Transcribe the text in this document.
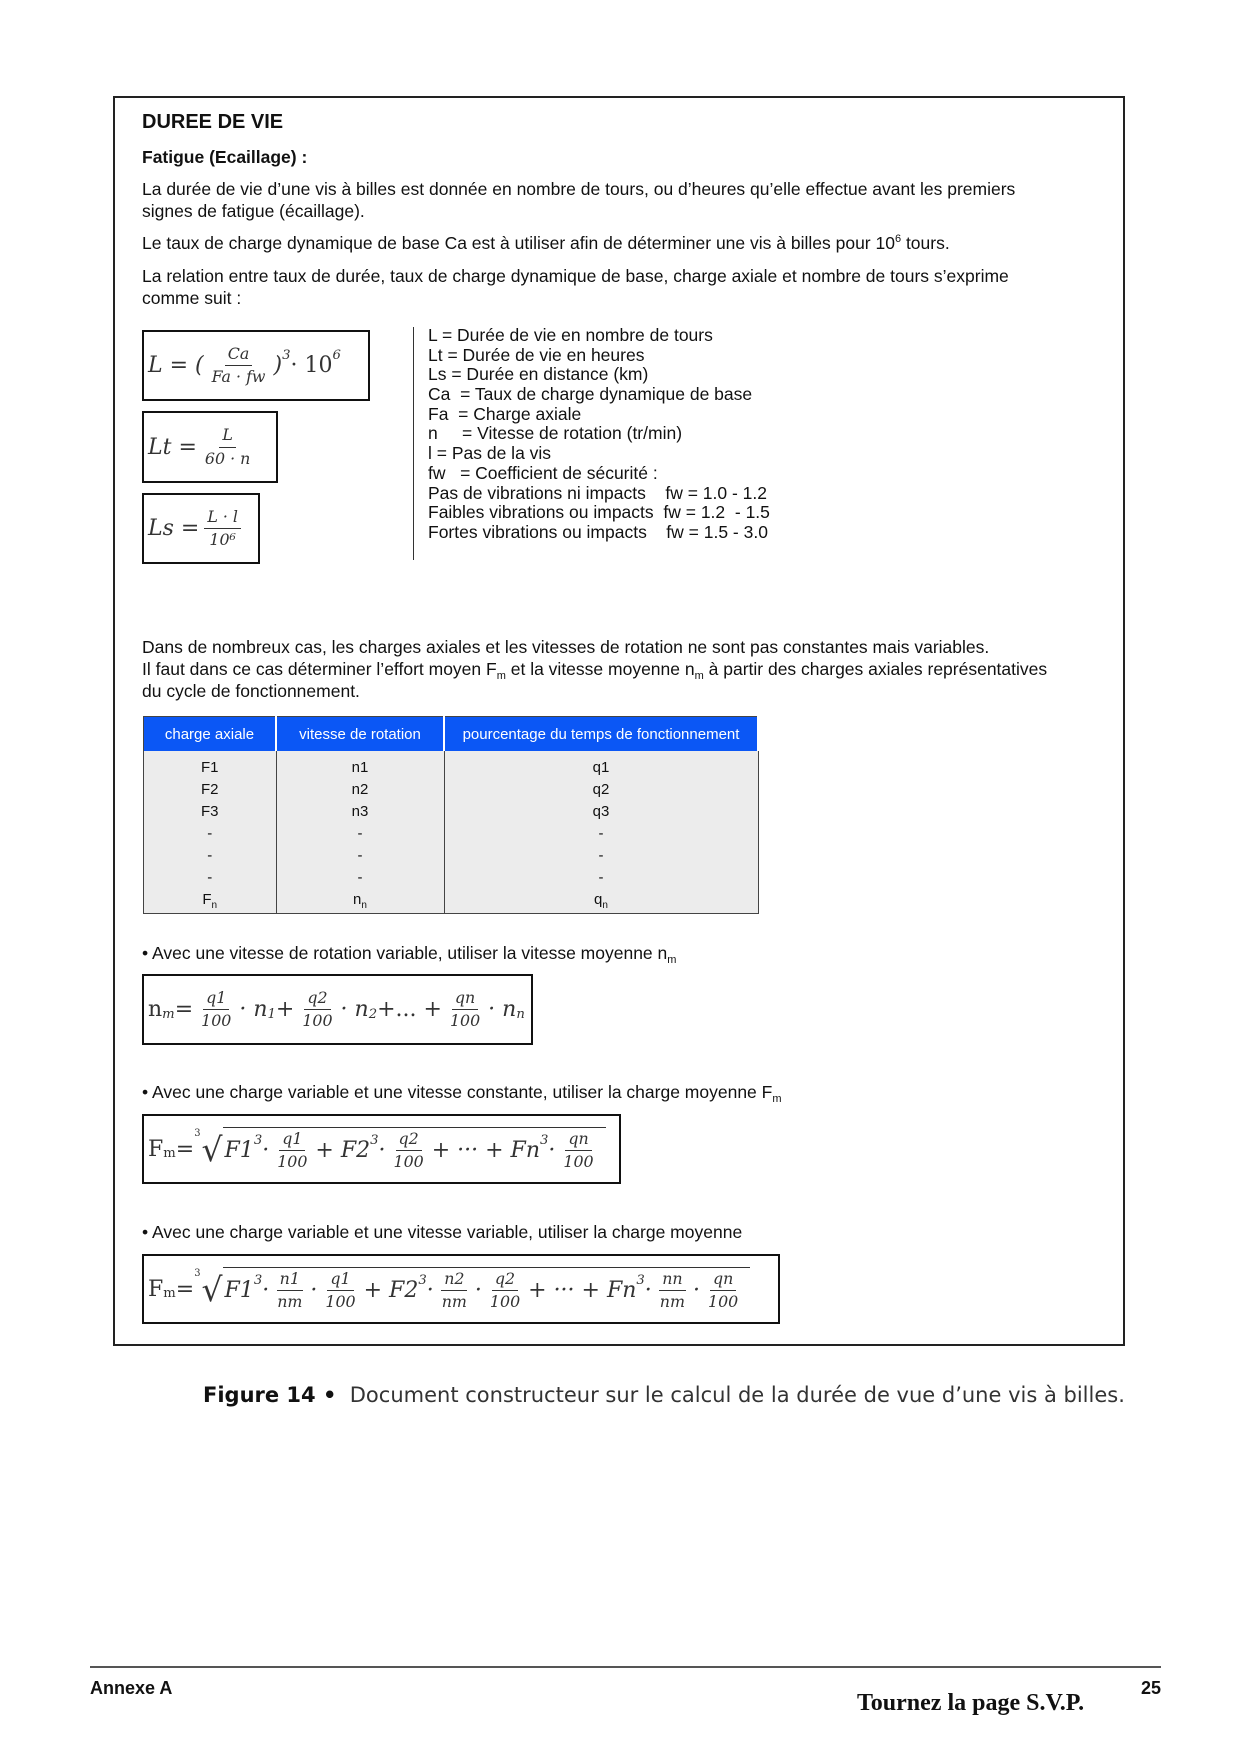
DUREE DE VIE
Fatigue (Ecaillage) :
La durée de vie d’une vis à billes est donnée en nombre de tours, ou d’heures qu’elle effectue avant les premiers
signes de fatigue (écaillage).
Le taux de charge dynamique de base Ca est à utiliser afin de déterminer une vis à billes pour $10^6$ tours.
La relation entre taux de durée, taux de charge dynamique de base, charge axiale et nombre de tours s’exprime
comme suit :
L = ( $\frac{Ca}{Fa \cdot fw}$ ) 3 · 10 6
$Lt = \frac{L}{60 \cdot n}$
$Ls = \frac{L \cdot l}{\text{10⁶}}$
L = Durée de vie en nombre de tours
Lt = Durée de vie en heures
Ls = Durée en distance (km)
Ca  = Taux de charge dynamique de base
Fa  = Charge axiale
n     = Vitesse de rotation (tr/min)
l = Pas de la vis
fw   = Coefficient de sécurité :
Pas de vibrations ni impacts    fw = 1.0 - 1.2
Faibles vibrations ou impacts  fw = 1.2  - 1.5
Fortes vibrations ou impacts    fw = 1.5 - 3.0
Dans de nombreux cas, les charges axiales et les vitesses de rotation ne sont pas constantes mais variables.
Il faut dans ce cas déterminer l’effort moyen $F_m$ et la vitesse moyenne $n_m$ à partir des charges axiales représentatives
du cycle de fonctionnement.
charge axiale	vitesse de rotation	pourcentage du temps de fonctionnement
F1	n1	q1
F2	n2	q2
F3	n3	q3
-	-	-
-	-	-
-	-	-
$F_n$	$n_n$	$q_n$
• Avec une vitesse de rotation variable, utiliser la vitesse moyenne $n_m$
n $m = \frac{q1}{100} \cdot n$ $1 + \frac{q2}{100} \cdot n$ 2 +... + $\frac{qn}{100} \cdot n$ n
• Avec une charge variable et une vitesse constante, utiliser la charge moyenne $F_m$
F m =
3 √ F1 $3 \cdot \frac{q1}{100} + F2$ $3 \cdot \frac{q2}{100}$ + ··· + Fn $3 \cdot \frac{qn}{100}$
• Avec une charge variable et une vitesse variable, utiliser la charge moyenne
F m =
3 √ F1 $3 \cdot \frac{n1}{nm} \cdot \frac{q1}{100} + F2$ $3 \cdot \frac{n2}{nm} \cdot \frac{q2}{100}$ + ··· + Fn $3 \cdot \frac{nn}{nm} \cdot \frac{qn}{100}$
Figure 14 • Document constructeur sur le calcul de la durée de vue d’une vis à billes.
Annexe A	25
Tournez la page S.V.P.
